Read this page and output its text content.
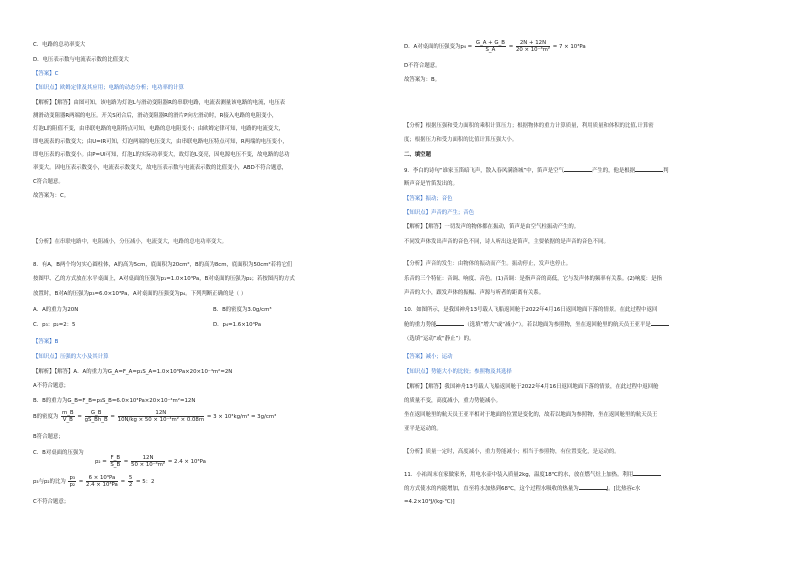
C．电路的总功率变大
D．电压表示数与电流表示数的比值变大
【答案】C
【知识点】欧姆定律及其应用；电路的动态分析；电功率的计算
【解析】【解答】由图可知，该电路为灯泡L与滑动变阻器R的串联电路，电流表测量该电路的电流，电压表
测滑动变阻器R两端的电压。开关S闭合后，滑动变阻器R的滑片P向左滑动时，R接入电路的电阻变小，
灯泡L的阻值不变，由串联电路的电阻特点可知，电路的总电阻变小；由欧姆定律可知，电路的电流变大，
即电流表的示数变大；由U=IR可知，灯泡两端的电压变大，由串联电路电压特点可知，R两端的电压变小，
即电压表的示数变小。由P=UI可知，灯泡L的实际功率变大，故灯泡L变亮，因电源电压不变，故电路的总功
率变大。因电压表示数变小，电流表示数变大，故电压表示数与电流表示数的比值变小，ABD不符合题意，
C符合题意。
故答案为：C。
【分析】在串联电路中，电阻减小，分压减小，电流变大，电路的总电功率变大。
8．有A，B两个均匀实心圆柱体，A的高为5cm，底面积为20cm²，B的高为8cm，底面积为50cm²若将它们
按图甲、乙的方式放在水平桌面上，A对桌面的压强为p₁=1.0×10³Pa，B对桌面的压强为p₂；若按图丙的方式
放置时，B对A的压强为p₃=6.0×10³Pa，A对桌面的压强变为p₄。下列判断正确的是（ ）
A．A的重力为20N	B．B的密度为3.0g/cm³
C．p₃：p₂=2：5	D．p₄=1.6×10⁴Pa
【答案】B
【知识点】压强的大小及其计算
【解析】【解答】A．A的重力为G_A=F_A=p₁S_A=1.0×10³Pa×20×10⁻⁴m²=2N
A不符合题意；
B．B的重力为G_B=F_B=p₃S_B=6.0×10³Pa×20×10⁻⁴m²=12N
B的密度为 $\frac{m\_B}{V\_B} = \frac{G\_B}{gS\_Bh\_B} = \frac{12N}{\text{10N/kg × 50 × 10⁻⁴m² × 0.08m}} = 3 \times 10^3kg/m^3 = 3g/cm^3$
B符合题意；
C．B对桌面的压强为
$p_2 = \frac{F\_B}{S\_B} = \frac{12N}{\text{50 × 10⁻⁴m²}} = 2.4 \times 10^3Pa$
p₃与p₂的比为 $\frac{\text{p₃}}{\text{p₂}} = \frac{\text{6 × 10³Pa}}{\text{2.4 × 10³Pa}} = \frac{5}{2} = 5$：2
C不符合题意；
D．A对桌面的压强变为$p_4 = \frac{G\_A + G\_B}{S\_A} = \frac{2N + 12N}{\text{20 × 10⁻⁴m²}} = 7 \times 10^3Pa$
D不符合题意。
故答案为：B。
【分析】根据压强和受力面积的乘积计算压力；根据物体的重力计算质量，利用质量和体积的比值,计算密
度；根据压力和受力面积的比值计算压强大小。
二、填空题
9．李白的诗句“谁家玉笛暗飞声，散入春风满洛城”中，笛声是空气	产生的，他是根据	判
断声音是竹笛发出的。
【答案】振动；音色
【知识点】声音的产生；音色
【解析】【解答】一切发声的物体都在振动，笛声是由空气柱振动产生的。
不同发声体发出声音的音色不同，诗人听出这是笛声，主要依据的是声音的音色不同。
【分析】声音的发生：由物体的振动而产生。振动停止，发声也停止。
乐音的三个特征：音调、响度、音色。(1)音调：是指声音的高低，它与发声体的频率有关系。(2)响度：是指
声音的大小，跟发声体的振幅、声源与听者的距离有关系。
10．如图所示，是我国神舟13号载人飞船返回舱于2022年4月16日返回地面下落的情景。在此过程中返回
舱的重力势能	（选填“增大”或“减小”）。若以地面为参照物，坐在返回舱里的航天员王亚平是
（选填“运动”或“静止”）的。
【答案】减小；运动
【知识点】势能大小的比较；参照物及其选择
【解析】【解答】我国神舟13号载人飞船返回舱于2022年4月16日返回地面下落的情景，在此过程中返回舱
的质量不变，高度减小，重力势能减小。
坐在返回舱里的航天员王亚平相对于地面的位置是变化的，故若以地面为参照物，坐在返回舱里的航天员王
亚平是运动的。
【分析】质量一定时，高度减小，重力势能减小；相当于参照物，有位置变化，是运动的。
11．小祐周末在家做家务，用电水壶中装入质量2kg，温度18℃的水，放在燃气灶上加热。利用
的方式使水的内能增加，直至将水加热到68℃，这个过程水吸收的热量为	J。[比热容c水
=4.2×10³J/(kg·℃)]
